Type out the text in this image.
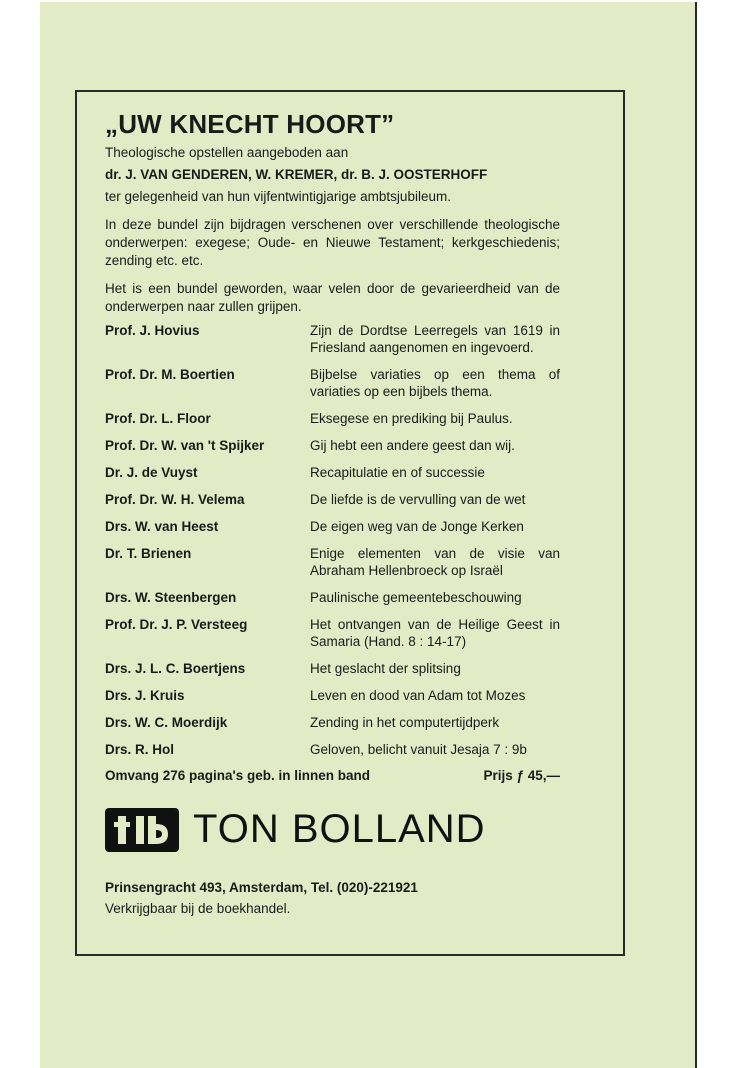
„UW KNECHT HOORT”

Theologische opstellen aangeboden aan

dr. J. VAN GENDEREN, W. KREMER, dr. B. J. OOSTERHOFF

ter gelegenheid van hun vijfentwintigjarige ambtsjubileum.

In deze bundel zijn bijdragen verschenen over verschillende theologische onderwerpen: exegese; Oude- en Nieuwe Testament; kerkgeschiedenis; zending etc. etc.

Het is een bundel geworden, waar velen door de gevarieerdheid van de onderwerpen naar zullen grijpen.

Prof. J. Hovius	Zijn de Dordtse Leerregels van 1619 in Friesland aangenomen en ingevoerd.
Prof. Dr. M. Boertien	Bijbelse variaties op een thema of variaties op een bijbels thema.
Prof. Dr. L. Floor	Eksegese en prediking bij Paulus.
Prof. Dr. W. van 't Spijker	Gij hebt een andere geest dan wij.
Dr. J. de Vuyst	Recapitulatie en of successie
Prof. Dr. W. H. Velema	De liefde is de vervulling van de wet
Drs. W. van Heest	De eigen weg van de Jonge Kerken
Dr. T. Brienen	Enige elementen van de visie van Abraham Hellenbroeck op Israël
Drs. W. Steenbergen	Paulinische gemeentebeschouwing
Prof. Dr. J. P. Versteeg	Het ontvangen van de Heilige Geest in Samaria (Hand. 8 : 14-17)
Drs. J. L. C. Boertjens	Het geslacht der splitsing
Drs. J. Kruis	Leven en dood van Adam tot Mozes
Drs. W. C. Moerdijk	Zending in het computertijdperk
Drs. R. Hol	Geloven, belicht vanuit Jesaja 7 : 9b
Omvang 276 pagina's geb. in linnen band	Prijs ƒ 45,—
TON BOLLAND
Prinsengracht 493, Amsterdam, Tel. (020)-221921
Verkrijgbaar bij de boekhandel.
